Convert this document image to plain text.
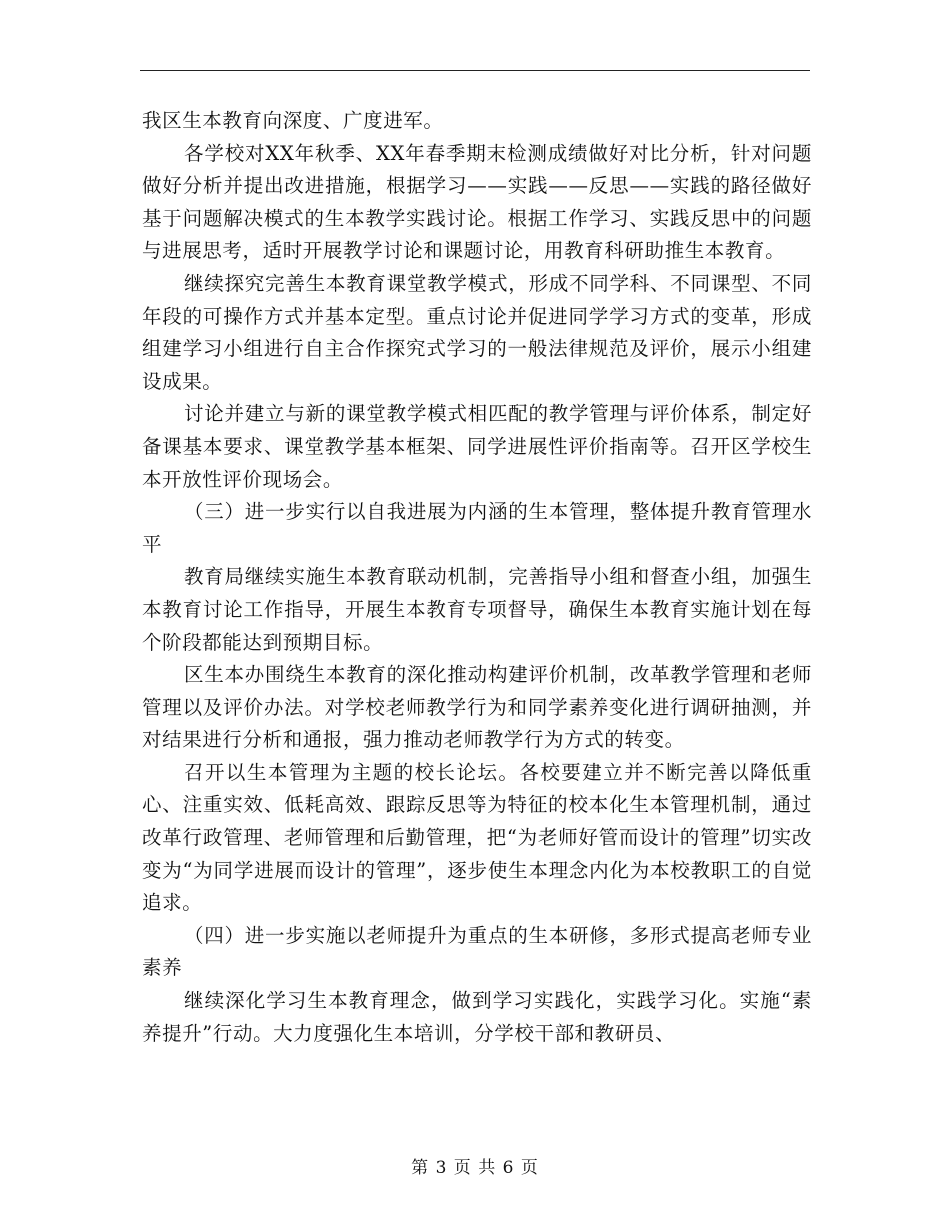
我区生本教育向深度、广度进军。

各学校对XX年秋季、XX年春季期末检测成绩做好对比分析，针对问题做好分析并提出改进措施，根据学习——实践——反思——实践的路径做好基于问题解决模式的生本教学实践讨论。根据工作学习、实践反思中的问题与进展思考，适时开展教学讨论和课题讨论，用教育科研助推生本教育。

继续探究完善生本教育课堂教学模式，形成不同学科、不同课型、不同年段的可操作方式并基本定型。重点讨论并促进同学学习方式的变革，形成组建学习小组进行自主合作探究式学习的一般法律规范及评价，展示小组建设成果。

讨论并建立与新的课堂教学模式相匹配的教学管理与评价体系，制定好备课基本要求、课堂教学基本框架、同学进展性评价指南等。召开区学校生本开放性评价现场会。

（三）进一步实行以自我进展为内涵的生本管理，整体提升教育管理水平

教育局继续实施生本教育联动机制，完善指导小组和督查小组，加强生本教育讨论工作指导，开展生本教育专项督导，确保生本教育实施计划在每个阶段都能达到预期目标。

区生本办围绕生本教育的深化推动构建评价机制，改革教学管理和老师管理以及评价办法。对学校老师教学行为和同学素养变化进行调研抽测，并对结果进行分析和通报，强力推动老师教学行为方式的转变。

召开以生本管理为主题的校长论坛。各校要建立并不断完善以降低重心、注重实效、低耗高效、跟踪反思等为特征的校本化生本管理机制，通过改革行政管理、老师管理和后勤管理，把“为老师好管而设计的管理”切实改变为“为同学进展而设计的管理”，逐步使生本理念内化为本校教职工的自觉追求。

（四）进一步实施以老师提升为重点的生本研修，多形式提高老师专业素养

继续深化学习生本教育理念，做到学习实践化，实践学习化。实施“素养提升”行动。大力度强化生本培训，分学校干部和教研员、

第 3 页 共 6 页
